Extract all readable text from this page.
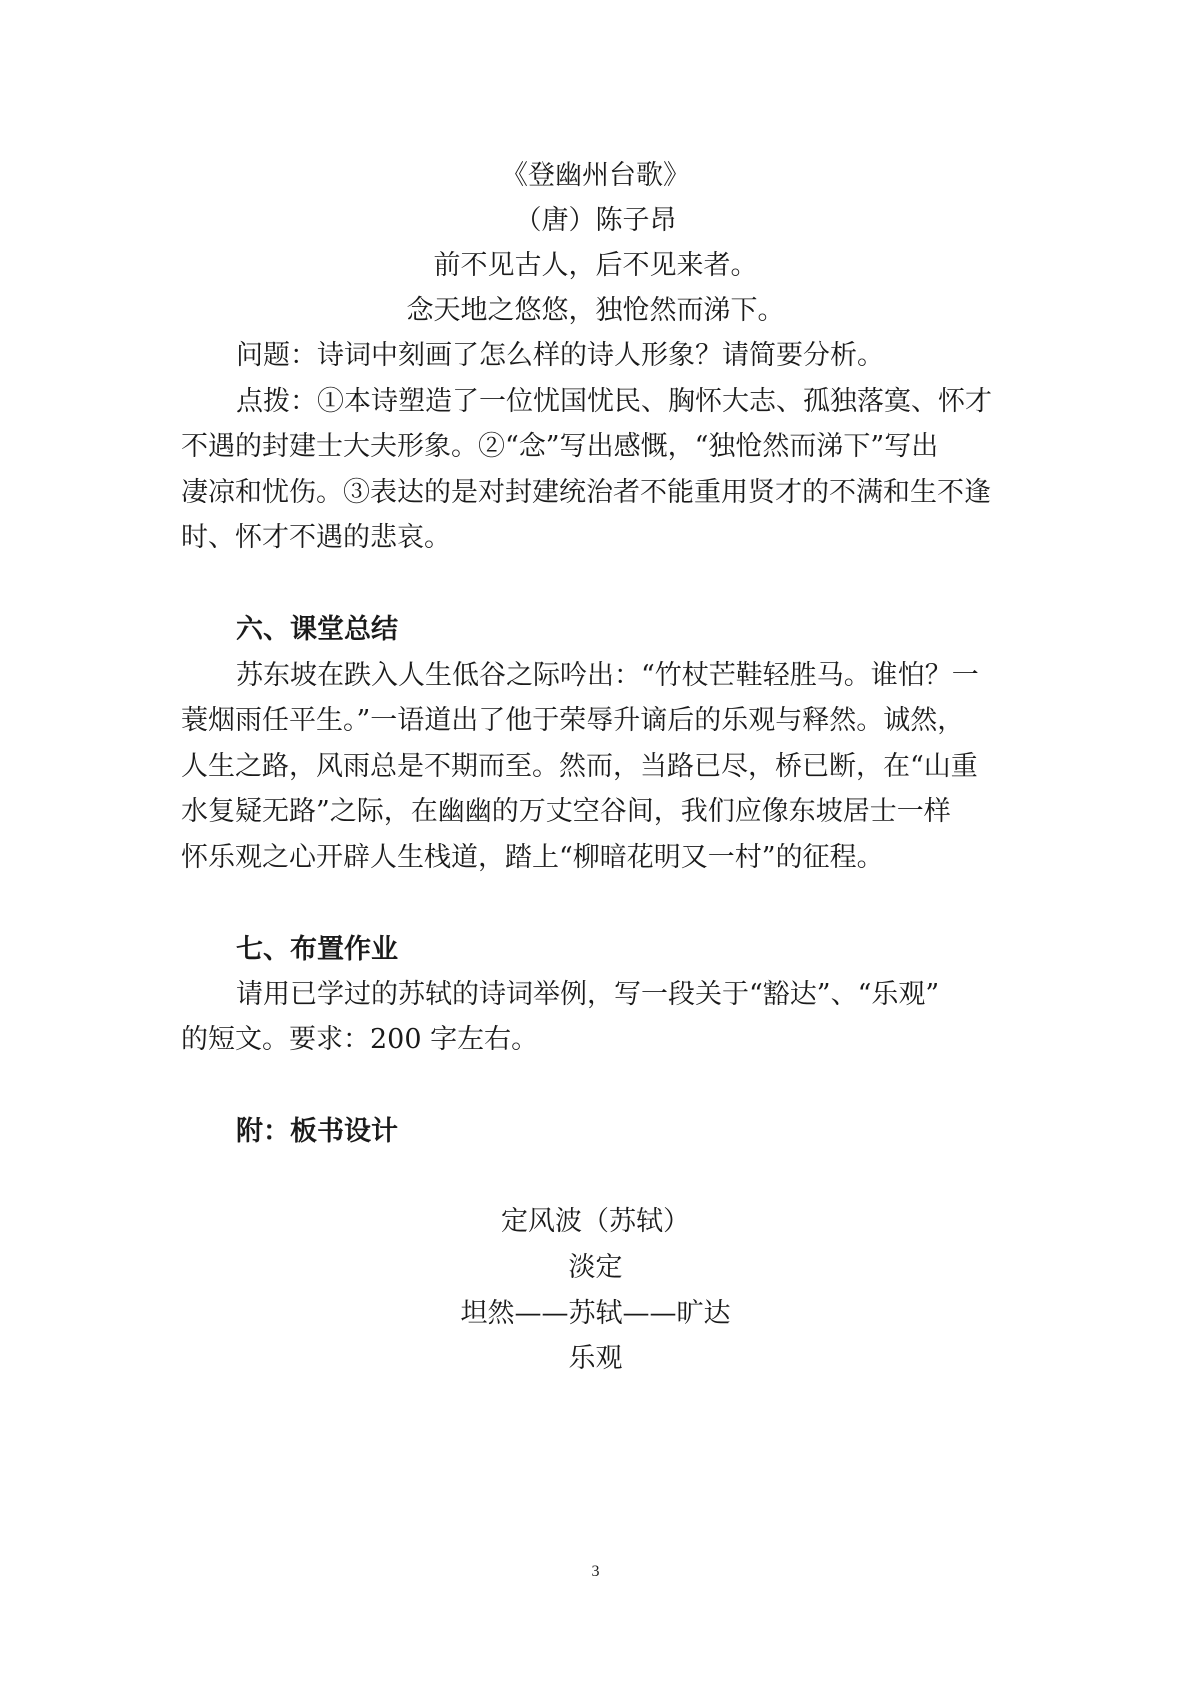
《登幽州台歌》
（唐）陈子昂
前不见古人，后不见来者。
念天地之悠悠，独怆然而涕下。
问题：诗词中刻画了怎么样的诗人形象？请简要分析。
点拨：①本诗塑造了一位忧国忧民、胸怀大志、孤独落寞、怀才
不遇的封建士大夫形象。②“念”写出感慨，“独怆然而涕下”写出
凄凉和忧伤。③表达的是对封建统治者不能重用贤才的不满和生不逢
时、怀才不遇的悲哀。
六、课堂总结
苏东坡在跌入人生低谷之际吟出：“竹杖芒鞋轻胜马。谁怕？一
蓑烟雨任平生。”一语道出了他于荣辱升谪后的乐观与释然。诚然，
人生之路，风雨总是不期而至。然而，当路已尽，桥已断，在“山重
水复疑无路”之际，在幽幽的万丈空谷间，我们应像东坡居士一样
怀乐观之心开辟人生栈道，踏上“柳暗花明又一村”的征程。
七、布置作业
请用已学过的苏轼的诗词举例，写一段关于“豁达”、“乐观”
的短文。要求：200 字左右。
附：板书设计
定风波（苏轼）
淡定
坦然——苏轼——旷达
乐观
3
